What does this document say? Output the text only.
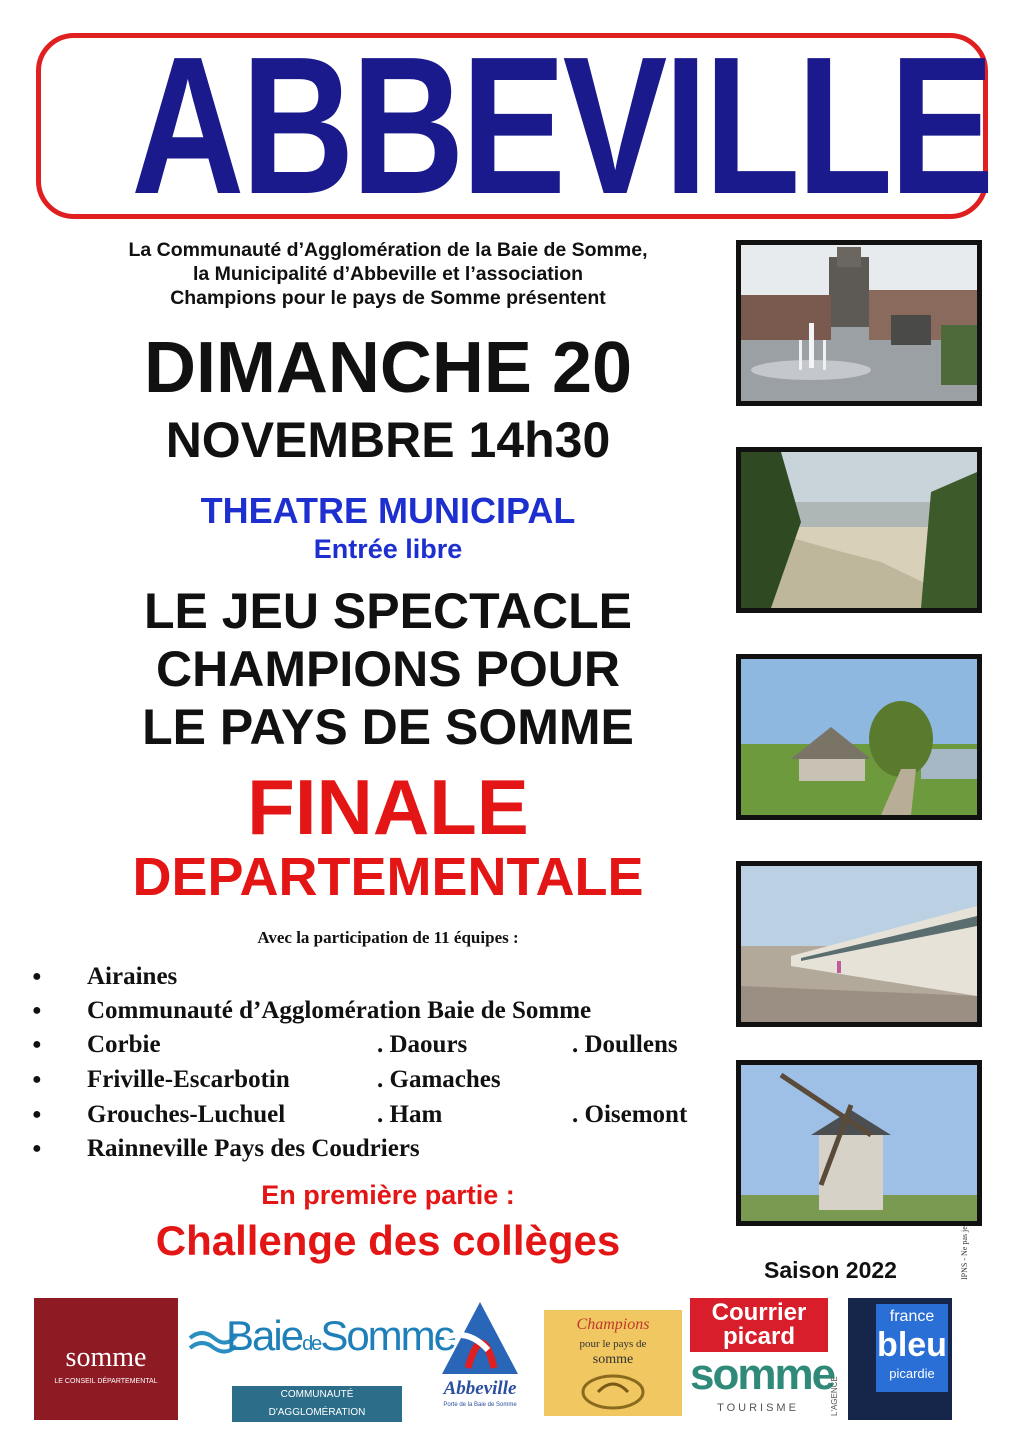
ABBEVILLE
La Communauté d’Agglomération de la Baie de Somme,
la Municipalité d’Abbeville et l’association
Champions pour le pays de Somme présentent
DIMANCHE 20
NOVEMBRE 14h30
THEATRE MUNICIPAL
Entrée libre
LE JEU SPECTACLE
CHAMPIONS POUR
LE PAYS DE SOMME
FINALE
DEPARTEMENTALE
Avec la participation de 11 équipes :
● Airaines
● Communauté d’Agglomération Baie de Somme
● Corbie	. Daours	. Doullens
● Friville-Escarbotin	. Gamaches
● Grouches-Luchuel	. Ham	. Oisemont
● Rainneville Pays des Coudriers
En première partie :
Challenge des collèges
Saison 2022
somme
LE CONSEIL DÉPARTEMENTAL
BaiedeSomme
COMMUNAUTÉ D'AGGLOMÉRATION
Abbeville
Porte de la Baie de Somme
Champions
pour le pays de
somme
Courrier
picard
somme
TOURISME	L'AGENCE
france
bleu
picardie
